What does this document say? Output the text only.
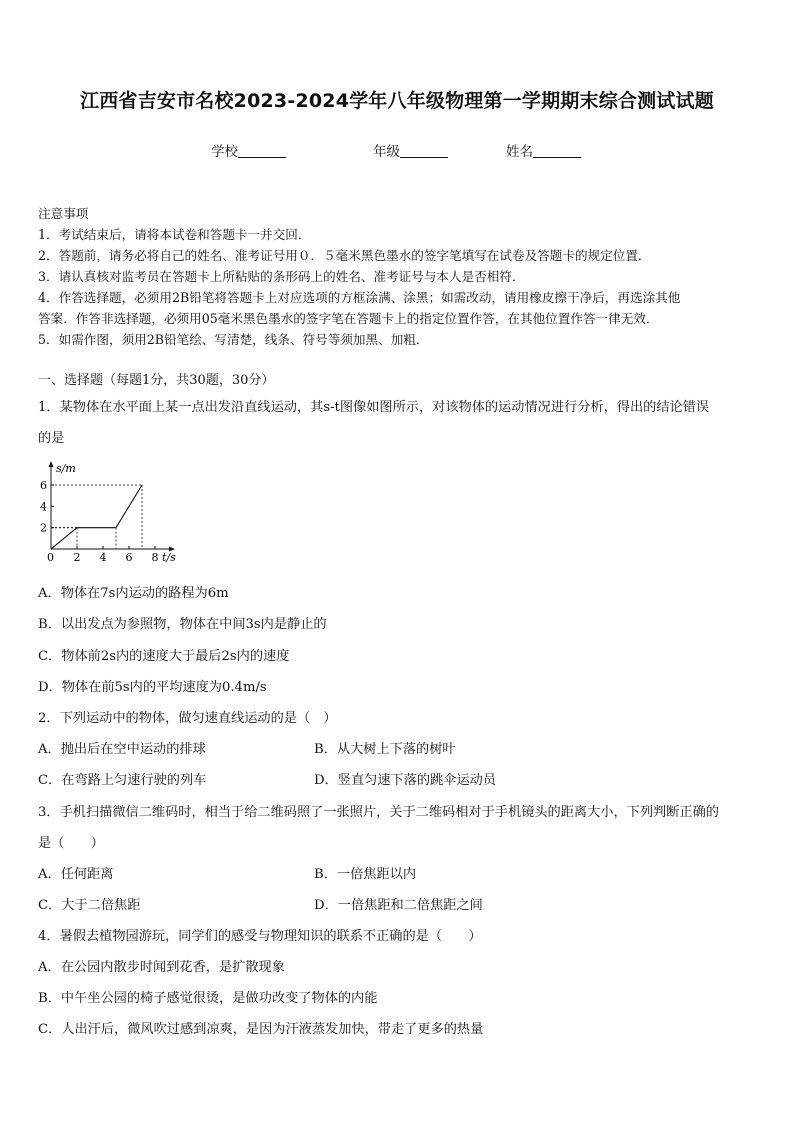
江西省吉安市名校2023-2024学年八年级物理第一学期期末综合测试试题
学校	年级	姓名
注意事项
1．考试结束后，请将本试卷和答题卡一并交回．
2．答题前，请务必将自己的姓名、准考证号用０．５毫米黑色墨水的签字笔填写在试卷及答题卡的规定位置．
3．请认真核对监考员在答题卡上所粘贴的条形码上的姓名、准考证号与本人是否相符．
4．作答选择题，必须用2B铅笔将答题卡上对应选项的方框涂满、涂黑；如需改动，请用橡皮擦干净后，再选涂其他
答案．作答非选择题，必须用05毫米黑色墨水的签字笔在答题卡上的指定位置作答，在其他位置作答一律无效．
5．如需作图，须用2B铅笔绘、写清楚，线条、符号等须加黑、加粗．
一、选择题（每题1分，共30题，30分）
1．某物体在水平面上某一点出发沿直线运动，其s-t图像如图所示，对该物体的运动情况进行分析，得出的结论错误
的是
2 4 6 8
2
4
6
s/m
t/s
0
A．物体在7s内运动的路程为6m
B．以出发点为参照物，物体在中间3s内是静止的
C．物体前2s内的速度大于最后2s内的速度
D．物体在前5s内的平均速度为0.4m/s
2．下列运动中的物体，做匀速直线运动的是（　）
A．抛出后在空中运动的排球	B．从大树上下落的树叶
C．在弯路上匀速行驶的列车	D．竖直匀速下落的跳伞运动员
3．手机扫描微信二维码时，相当于给二维码照了一张照片，关于二维码相对于手机镜头的距离大小，下列判断正确的
是（　　）
A．任何距离	B．一倍焦距以内
C．大于二倍焦距	D．一倍焦距和二倍焦距之间
4．暑假去植物园游玩，同学们的感受与物理知识的联系不正确的是（　　）
A．在公园内散步时闻到花香，是扩散现象
B．中午坐公园的椅子感觉很烫，是做功改变了物体的内能
C．人出汗后，微风吹过感到凉爽，是因为汗液蒸发加快，带走了更多的热量
